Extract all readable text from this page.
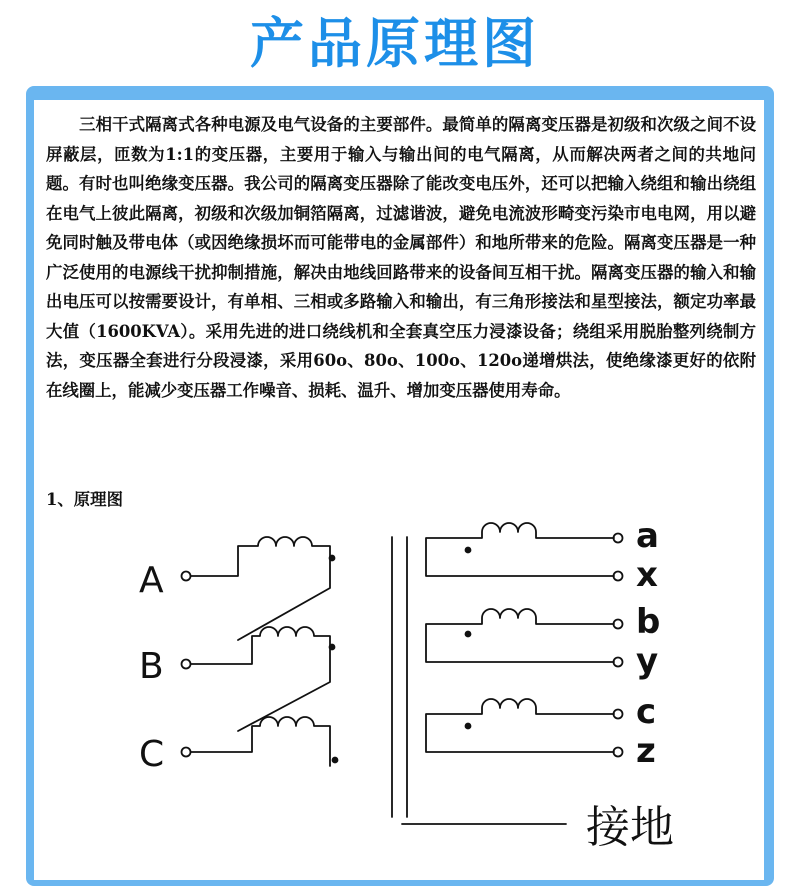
产品原理图

三相干式隔离式各种电源及电气设备的主要部件。最简单的隔离变压器是初级和次级之间不设屏蔽层，匝数为1:1的变压器，主要用于输入与输出间的电气隔离，从而解决两者之间的共地问题。有时也叫绝缘变压器。我公司的隔离变压器除了能改变电压外，还可以把输入绕组和输出绕组在电气上彼此隔离，初级和次级加铜箔隔离，过滤谐波，避免电流波形畸变污染市电电网，用以避免同时触及带电体（或因绝缘损坏而可能带电的金属部件）和地所带来的危险。隔离变压器是一种广泛使用的电源线干扰抑制措施，解决由地线回路带来的设备间互相干扰。隔离变压器的输入和输出电压可以按需要设计，有单相、三相或多路输入和输出，有三角形接法和星型接法，额定功率最大值（1600KVA）。采用先进的进口绕线机和全套真空压力浸漆设备；绕组采用脱胎整列绕制方法，变压器全套进行分段浸漆，采用60o、80o、100o、120o递增烘法，使绝缘漆更好的依附在线圈上，能减少变压器工作噪音、损耗、温升、增加变压器使用寿命。

1、原理图
A
B
C
a
x
b
y
c
z
接地
